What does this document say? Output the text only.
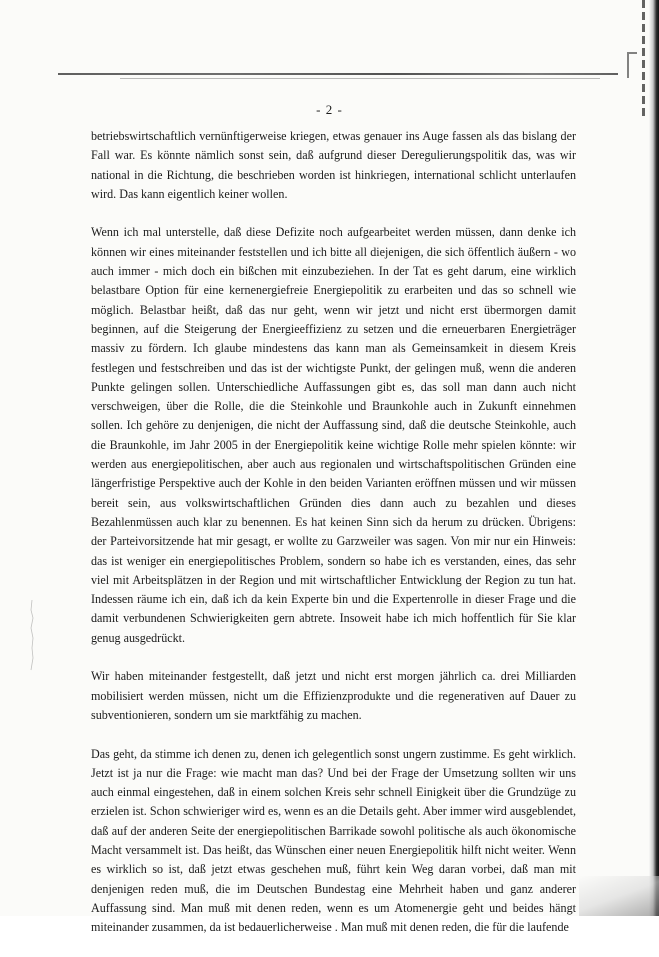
- 2 -

betriebswirtschaftlich vernünftigerweise kriegen, etwas genauer ins Auge fassen als das bislang der Fall war. Es könnte nämlich sonst sein, daß aufgrund dieser Deregulierungspolitik das, was wir national in die Richtung, die beschrieben worden ist hinkriegen, international schlicht unterlaufen wird. Das kann eigentlich keiner wollen.

Wenn ich mal unterstelle, daß diese Defizite noch aufgearbeitet werden müssen, dann denke ich können wir eines miteinander feststellen und ich bitte all diejenigen, die sich öffentlich äußern - wo auch immer - mich doch ein bißchen mit einzubeziehen. In der Tat es geht darum, eine wirklich belastbare Option für eine kernenergiefreie Energiepolitik zu erarbeiten und das so schnell wie möglich. Belastbar heißt, daß das nur geht, wenn wir jetzt und nicht erst übermorgen damit beginnen, auf die Steigerung der Energieeffizienz zu setzen und die erneuerbaren Energieträger massiv zu fördern. Ich glaube mindestens das kann man als Gemeinsamkeit in diesem Kreis festlegen und festschreiben und das ist der wichtigste Punkt, der gelingen muß, wenn die anderen Punkte gelingen sollen. Unterschiedliche Auffassungen gibt es, das soll man dann auch nicht verschweigen, über die Rolle, die die Steinkohle und Braunkohle auch in Zukunft einnehmen sollen. Ich gehöre zu denjenigen, die nicht der Auffassung sind, daß die deutsche Steinkohle, auch die Braunkohle, im Jahr 2005 in der Energiepolitik keine wichtige Rolle mehr spielen könnte: wir werden aus energiepolitischen, aber auch aus regionalen und wirtschaftspolitischen Gründen eine längerfristige Perspektive auch der Kohle in den beiden Varianten eröffnen müssen und wir müssen bereit sein, aus volkswirtschaftlichen Gründen dies dann auch zu bezahlen und dieses Bezahlenmüssen auch klar zu benennen. Es hat keinen Sinn sich da herum zu drücken. Übrigens: der Parteivorsitzende hat mir gesagt, er wollte zu Garzweiler was sagen. Von mir nur ein Hinweis: das ist weniger ein energiepolitisches Problem, sondern so habe ich es verstanden, eines, das sehr viel mit Arbeitsplätzen in der Region und mit wirtschaftlicher Entwicklung der Region zu tun hat. Indessen räume ich ein, daß ich da kein Experte bin und die Expertenrolle in dieser Frage und die damit verbundenen Schwierigkeiten gern abtrete. Insoweit habe ich mich hoffentlich für Sie klar genug ausgedrückt.

Wir haben miteinander festgestellt, daß jetzt und nicht erst morgen jährlich ca. drei Milliarden mobilisiert werden müssen, nicht um die Effizienzprodukte und die regenerativen auf Dauer zu subventionieren, sondern um sie marktfähig zu machen.

Das geht, da stimme ich denen zu, denen ich gelegentlich sonst ungern zustimme. Es geht wirklich. Jetzt ist ja nur die Frage: wie macht man das? Und bei der Frage der Umsetzung sollten wir uns auch einmal eingestehen, daß in einem solchen Kreis sehr schnell Einigkeit über die Grundzüge zu erzielen ist. Schon schwieriger wird es, wenn es an die Details geht. Aber immer wird ausgeblendet, daß auf der anderen Seite der energiepolitischen Barrikade sowohl politische als auch ökonomische Macht versammelt ist. Das heißt, das Wünschen einer neuen Energiepolitik hilft nicht weiter. Wenn es wirklich so ist, daß jetzt etwas geschehen muß, führt kein Weg daran vorbei, daß man mit denjenigen reden muß, die im Deutschen Bundestag eine Mehrheit haben und ganz anderer Auffassung sind. Man muß mit denen reden, wenn es um Atomenergie geht und beides hängt miteinander zusammen, da ist bedauerlicherweise . Man muß mit denen reden, die für die laufende
